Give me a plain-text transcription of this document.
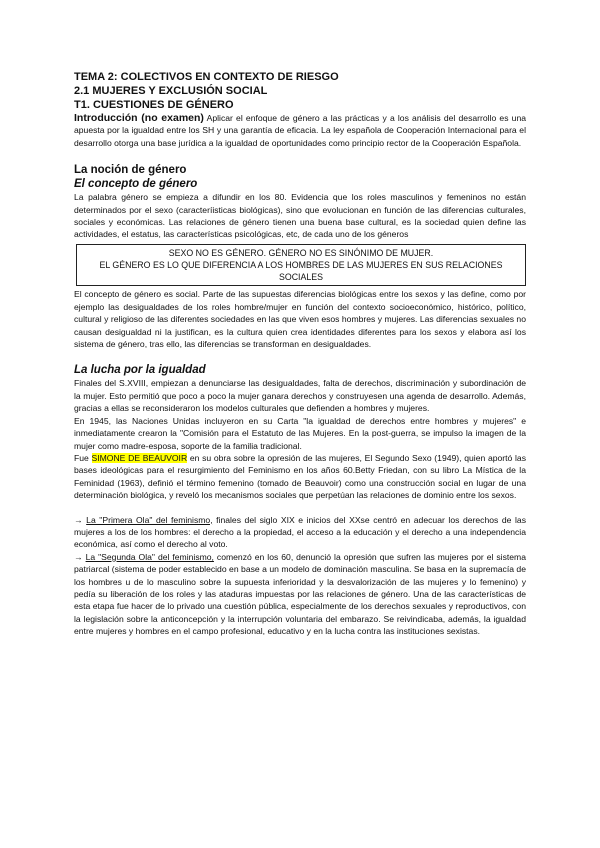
TEMA 2: COLECTIVOS EN CONTEXTO DE RIESGO
2.1 MUJERES Y EXCLUSIÓN SOCIAL
T1. CUESTIONES DE GÉNERO

Introducción (no examen) Aplicar el enfoque de género a las prácticas y a los análisis del desarrollo es una apuesta por la igualdad entre los SH y una garantía de eficacia. La ley española de Cooperación Internacional para el desarrollo otorga una base jurídica a la igualdad de oportunidades como principio rector de la Cooperación Española.

La noción de género
El concepto de género

La palabra género se empieza a difundir en los 80. Evidencia que los roles masculinos y femeninos no están determinados por el sexo (caracteríisticas biológicas), sino que evolucionan en función de las diferencias culturales, sociales y económicas. Las relaciones de género tienen una buena base cultural, es la sociedad quien define las actividades, el estatus, las características psicológicas, etc, de cada uno de los géneros

SEXO NO ES GÉNERO. GÉNERO NO ES SINÓNIMO DE MUJER.
EL GÉNERO ES LO QUE DIFERENCIA A LOS HOMBRES DE LAS MUJERES EN SUS RELACIONES SOCIALES

El concepto de género es social. Parte de las supuestas diferencias biológicas entre los sexos y las define, como por ejemplo las desigualdades de los roles hombre/mujer en función del contexto socioeconómico, histórico, político, cultural y religioso de las diferentes sociedades en las que viven esos hombres y mujeres. Las diferencias sexuales no causan desigualdad ni la justifican, es la cultura quien crea identidades diferentes para los sexos y elabora así los sistema de género, tras ello, las diferencias se transforman en desigualdades.

La lucha por la igualdad

Finales del S.XVIII, empiezan a denunciarse las desigualdades, falta de derechos, discriminación y subordinación de la mujer. Esto permitió que poco a poco la mujer ganara derechos y construyesen una agenda de desarrollo. Además, gracias a ellas se reconsideraron los modelos culturales que defienden a hombres y mujeres.

En 1945, las Naciones Unidas incluyeron en su Carta "la igualdad de derechos entre hombres y mujeres" e inmediatamente crearon la "Comisión para el Estatuto de las Mujeres. En la post-guerra, se impulso la imagen de la mujer como madre-esposa, soporte de la familia tradicional.

Fue SIMONE DE BEAUVOIR en su obra sobre la opresión de las mujeres, El Segundo Sexo (1949), quien aportó las bases ideológicas para el resurgimiento del Feminismo en los años 60.Betty Friedan, con su libro La Mística de la Feminidad (1963), definió el término femenino (tomado de Beauvoir) como una construcción social en lugar de una determinación biológica, y reveló los mecanismos sociales que perpetúan las relaciones de dominio entre los sexos.

→ La "Primera Ola" del feminismo, finales del siglo XIX e inicios del XXse centró en adecuar los derechos de las mujeres a los de los hombres: el derecho a la propiedad, el acceso a la educación y el derecho a una independencia económica, así como el derecho al voto.

→ La "Segunda Ola" del feminismo, comenzó en los 60, denunció la opresión que sufren las mujeres por el sistema patriarcal (sistema de poder establecido en base a un modelo de dominación masculina. Se basa en la supremacía de los hombres u de lo masculino sobre la supuesta inferioridad y la desvalorización de las mujeres y lo femenino) y pedía su liberación de los roles y las ataduras impuestas por las relaciones de género. Una de las características de esta etapa fue hacer de lo privado una cuestión pública, especialmente de los derechos sexuales y reproductivos, con la legislación sobre la anticoncepción y la interrupción voluntaria del embarazo. Se reivindicaba, además, la igualdad entre mujeres y hombres en el campo profesional, educativo y en la lucha contra las instituciones sexistas.
